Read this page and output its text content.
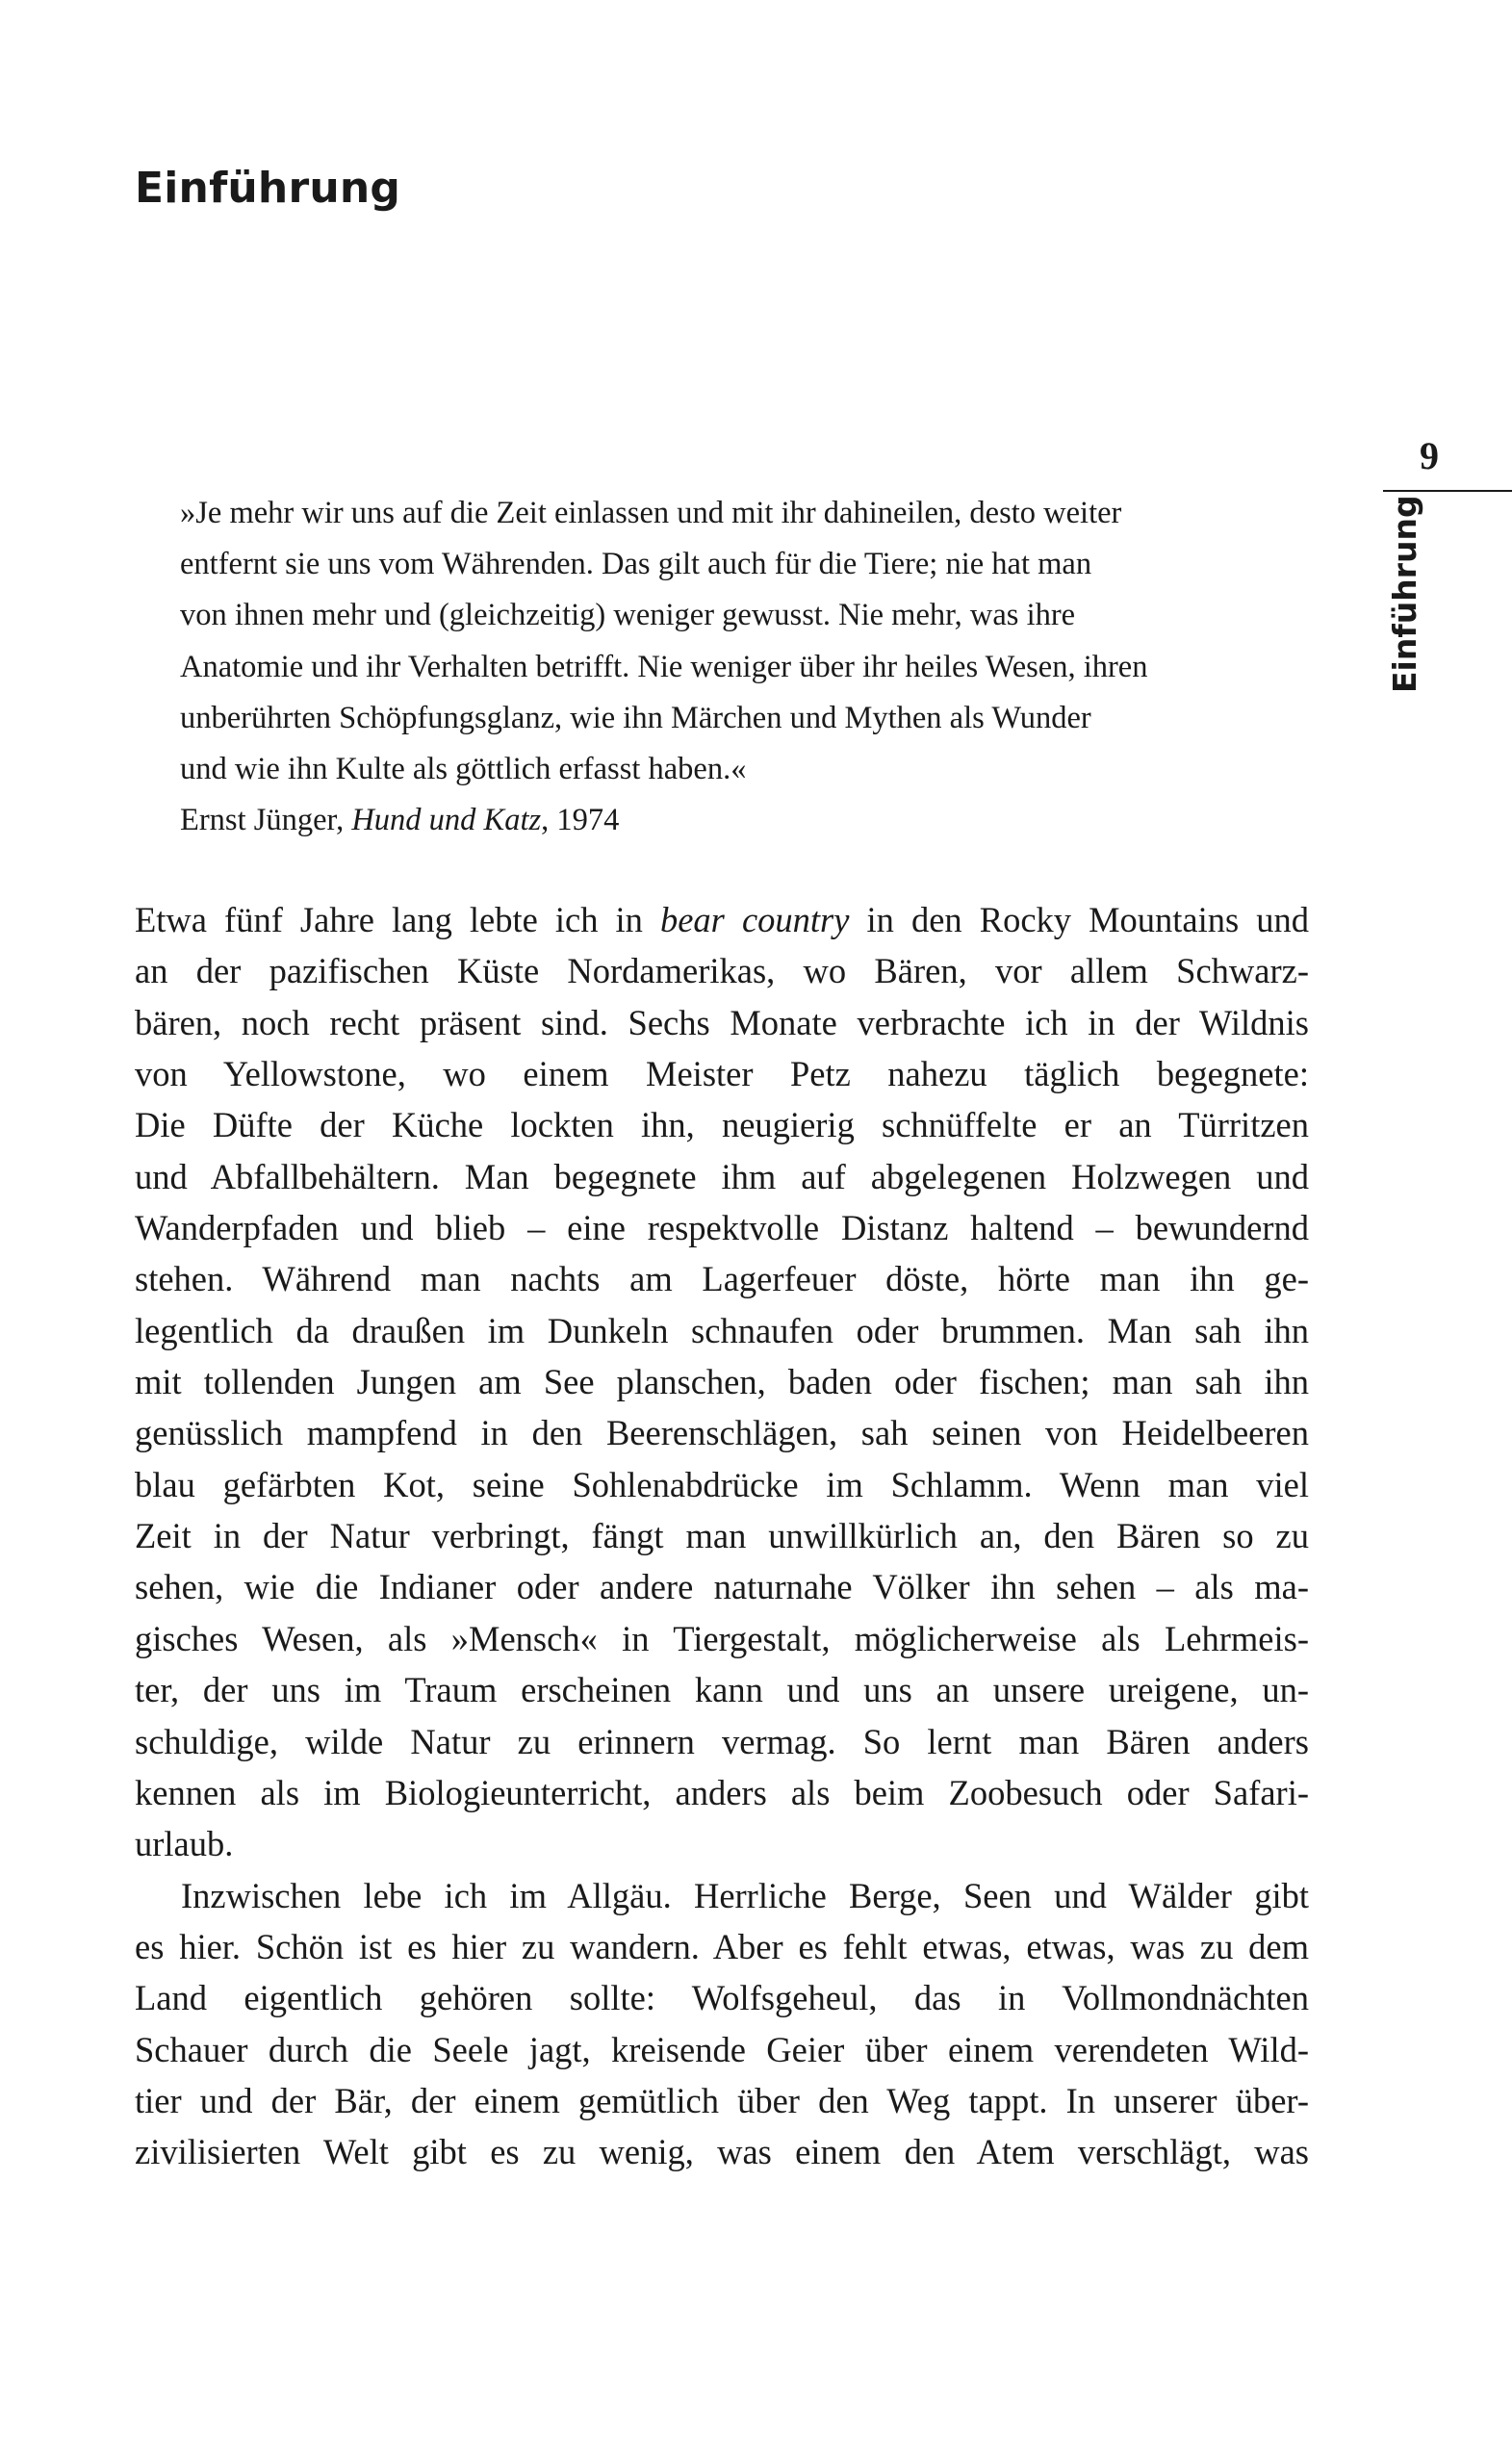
Einführung
9
Einführung
»Je mehr wir uns auf die Zeit einlassen und mit ihr dahineilen, desto weiter
entfernt sie uns vom Währenden. Das gilt auch für die Tiere; nie hat man
von ihnen mehr und (gleichzeitig) weniger gewusst. Nie mehr, was ihre
Anatomie und ihr Verhalten betrifft. Nie weniger über ihr heiles Wesen, ihren
unberührten Schöpfungsglanz, wie ihn Märchen und Mythen als Wunder
und wie ihn Kulte als göttlich erfasst haben.«
Ernst Jünger, Hund und Katz, 1974
Etwa fünf Jahre lang lebte ich in bear country in den Rocky Mountains und
an der pazifischen Küste Nordamerikas, wo Bären, vor allem Schwarz-
bären, noch recht präsent sind. Sechs Monate verbrachte ich in der Wildnis
von Yellowstone, wo einem Meister Petz nahezu täglich begegnete:
Die Düfte der Küche lockten ihn, neugierig schnüffelte er an Türritzen
und Abfallbehältern. Man begegnete ihm auf abgelegenen Holzwegen und
Wanderpfaden und blieb – eine respektvolle Distanz haltend – bewundernd
stehen. Während man nachts am Lagerfeuer döste, hörte man ihn ge-
legentlich da draußen im Dunkeln schnaufen oder brummen. Man sah ihn
mit tollenden Jungen am See planschen, baden oder fischen; man sah ihn
genüsslich mampfend in den Beerenschlägen, sah seinen von Heidelbeeren
blau gefärbten Kot, seine Sohlenabdrücke im Schlamm. Wenn man viel
Zeit in der Natur verbringt, fängt man unwillkürlich an, den Bären so zu
sehen, wie die Indianer oder andere naturnahe Völker ihn sehen – als ma-
gisches Wesen, als »Mensch« in Tiergestalt, möglicherweise als Lehrmeis-
ter, der uns im Traum erscheinen kann und uns an unsere ureigene, un-
schuldige, wilde Natur zu erinnern vermag. So lernt man Bären anders
kennen als im Biologieunterricht, anders als beim Zoobesuch oder Safari-
urlaub.
Inzwischen lebe ich im Allgäu. Herrliche Berge, Seen und Wälder gibt
es hier. Schön ist es hier zu wandern. Aber es fehlt etwas, etwas, was zu dem
Land eigentlich gehören sollte: Wolfsgeheul, das in Vollmondnächten
Schauer durch die Seele jagt, kreisende Geier über einem verendeten Wild-
tier und der Bär, der einem gemütlich über den Weg tappt. In unserer über-
zivilisierten Welt gibt es zu wenig, was einem den Atem verschlägt, was
